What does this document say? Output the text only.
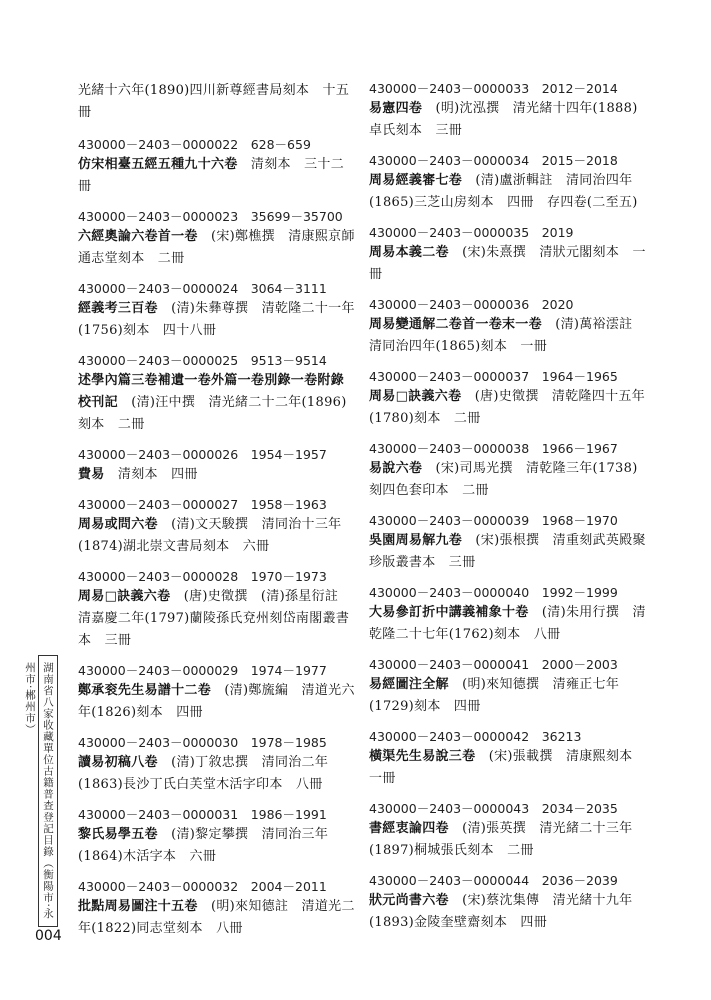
光緒十六年(1890)四川新尊經書局刻本　十五冊
430000－2403－0000022　628－659
仿宋相臺五經五種九十六卷　清刻本　三十二冊
430000－2403－0000023　35699－35700
六經奧論六卷首一卷　(宋)鄭樵撰　清康熙京師通志堂刻本　二冊
430000－2403－0000024　3064－3111
經義考三百卷　(清)朱彝尊撰　清乾隆二十一年(1756)刻本　四十八冊
430000－2403－0000025　9513－9514
述學內篇三卷補遺一卷外篇一卷別錄一卷附錄校刊記　(清)汪中撰　清光緒二十二年(1896)刻本　二冊
430000－2403－0000026　1954－1957
費易　清刻本　四冊
430000－2403－0000027　1958－1963
周易或問六卷　(清)文天駿撰　清同治十三年(1874)湖北崇文書局刻本　六冊
430000－2403－0000028　1970－1973
周易□訣義六卷　(唐)史徵撰　(清)孫星衍註　清嘉慶二年(1797)蘭陵孫氏兗州刻岱南閣叢書本　三冊
430000－2403－0000029　1974－1977
鄭承衮先生易譜十二卷　(清)鄭旒編　清道光六年(1826)刻本　四冊
430000－2403－0000030　1978－1985
讀易初稿八卷　(清)丁敘忠撰　清同治二年(1863)長沙丁氏白芙堂木活字印本　八冊
430000－2403－0000031　1986－1991
黎氏易學五卷　(清)黎定攀撰　清同治三年(1864)木活字本　六冊
430000－2403－0000032　2004－2011
批點周易圖注十五卷　(明)來知德註　清道光二年(1822)同志堂刻本　八冊
430000－2403－0000033　2012－2014
易憲四卷　(明)沈泓撰　清光緒十四年(1888)卓氏刻本　三冊
430000－2403－0000034　2015－2018
周易經義審七卷　(清)盧浙輯註　清同治四年(1865)三芝山房刻本　四冊　存四卷(二至五)
430000－2403－0000035　2019
周易本義二卷　(宋)朱熹撰　清狀元閣刻本　一冊
430000－2403－0000036　2020
周易變通解二卷首一卷末一卷　(清)萬裕澐註　清同治四年(1865)刻本　一冊
430000－2403－0000037　1964－1965
周易□訣義六卷　(唐)史徵撰　清乾隆四十五年(1780)刻本　二冊
430000－2403－0000038　1966－1967
易說六卷　(宋)司馬光撰　清乾隆三年(1738)刻四色套印本　二冊
430000－2403－0000039　1968－1970
吳園周易解九卷　(宋)張根撰　清重刻武英殿聚珍版叢書本　三冊
430000－2403－0000040　1992－1999
大易參訂折中講義補象十卷　(清)朱用行撰　清乾隆二十七年(1762)刻本　八冊
430000－2403－0000041　2000－2003
易經圖注全解　(明)來知德撰　清雍正七年(1729)刻本　四冊
430000－2403－0000042　36213
橫渠先生易說三卷　(宋)張載撰　清康熙刻本　一冊
430000－2403－0000043　2034－2035
書經衷論四卷　(清)張英撰　清光緒二十三年(1897)桐城張氏刻本　二冊
430000－2403－0000044　2036－2039
狀元尚書六卷　(宋)蔡沈集傳　清光緒十九年(1893)金陵奎壁齋刻本　四冊
湖南省八家收藏單位古籍普查登記目錄（衡陽市·永州市·郴州市）
004
